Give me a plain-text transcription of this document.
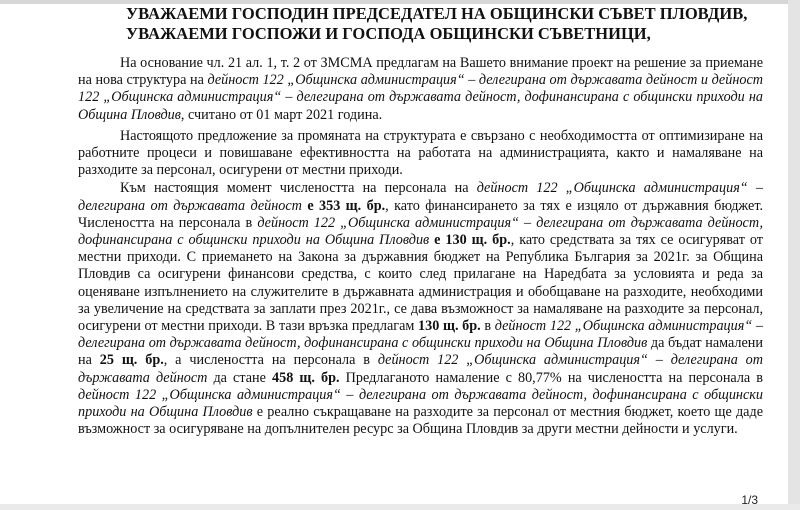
УВАЖАЕМИ ГОСПОДИН ПРЕДСЕДАТЕЛ НА ОБЩИНСКИ СЪВЕТ ПЛОВДИВ,

УВАЖАЕМИ ГОСПОЖИ И ГОСПОДА ОБЩИНСКИ СЪВЕТНИЦИ,

На основание чл. 21 ал. 1, т. 2 от ЗМСМА предлагам на Вашето внимание проект на решение за приемане на нова структура на дейност 122 „Общинска администрация“ – делегирана от държавата дейност и дейност 122 „Общинска администрация“ – делегирана от държавата дейност, дофинансирана с общински приходи на Община Пловдив, считано от 01 март 2021 година.

Настоящото предложение за промяната на структурата е свързано с необходимостта от оптимизиране на работните процеси и повишаване ефективността на работата на администрацията, както и намаляване на разходите за персонал, осигурени от местни приходи.

Към настоящия момент числеността на персонала на дейност 122 „Общинска администрация“ – делегирана от държавата дейност е 353 щ. бр., като финансирането за тях е изцяло от държавния бюджет. Числеността на персонала в дейност 122 „Общинска администрация“ – делегирана от държавата дейност, дофинансирана с общински приходи на Община Пловдив е 130 щ. бр., като средствата за тях се осигуряват от местни приходи. С приемането на Закона за държавния бюджет на Република България за 2021г. за Община Пловдив са осигурени финансови средства, с които след прилагане на Наредбата за условията и реда за оценяване изпълнението на служителите в държавната администрация и обобщаване на разходите, необходими за увеличение на средствата за заплати през 2021г., се дава възможност за намаляване на разходите за персонал, осигурени от местни приходи. В тази връзка предлагам 130 щ. бр. в дейност 122 „Общинска администрация“ – делегирана от държавата дейност, дофинансирана с общински приходи на Община Пловдив да бъдат намалени на 25 щ. бр., а числеността на персонала в дейност 122 „Общинска администрация“ – делегирана от държавата дейност да стане 458 щ. бр. Предлаганото намаление с 80,77% на числеността на персонала в дейност 122 „Общинска администрация“ – делегирана от държавата дейност, дофинансирана с общински приходи на Община Пловдив е реално съкращаване на разходите за персонал от местния бюджет, което ще даде възможност за осигуряване на допълнителен ресурс за Община Пловдив за други местни дейности и услуги.

1/3
